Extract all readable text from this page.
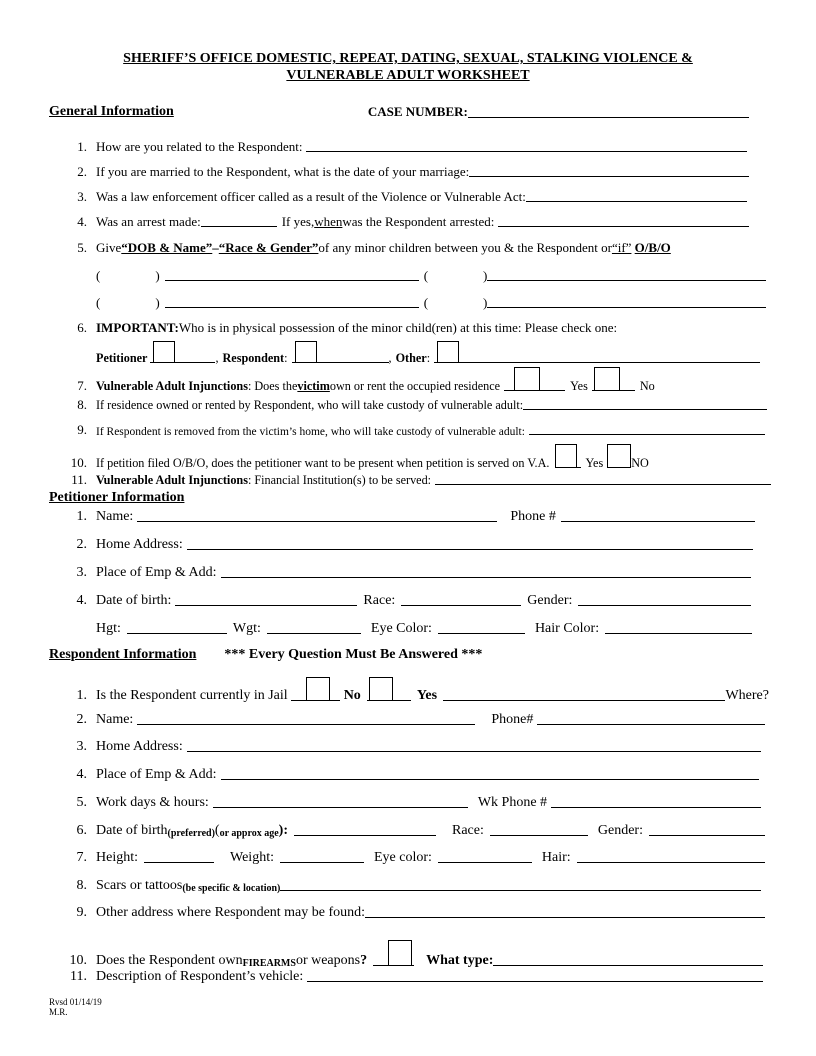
SHERIFF’S OFFICE DOMESTIC, REPEAT, DATING, SEXUAL, STALKING VIOLENCE &
VULNERABLE ADULT WORKSHEET
General Information	CASE NUMBER:
1. How are you related to the Respondent:
2. If you are married to the Respondent, what is the date of your marriage:
3. Was a law enforcement officer called as a result of the Violence or Vulnerable Act:
4. Was an arrest made:	If yes, when was the Respondent arrested:
5. Give “DOB & Name” – “Race & Gender” of any minor children between you & the Respondent or “if”
O/B/O
(	)	(	)
(	)	(	)
6. IMPORTANT: Who is in physical possession of the minor child(ren) at this time: Please check one:
Petitioner	, Respondent :	, Other :
7. Vulnerable Adult Injunctions : Does the victim own or rent the occupied residence	Yes	No
8. If residence owned or rented by Respondent, who will take custody of vulnerable adult:
9. If Respondent is removed from the victim’s home, who will take custody of vulnerable adult:
10. If petition filed O/B/O, does the petitioner want to be present when petition is served on V.A.	Yes NO
11. Vulnerable Adult Injunctions : Financial Institution(s) to be served:
Petitioner Information
1. Name:	Phone #
2. Home Address:
3. Place of Emp & Add:
4. Date of birth:	Race:	Gender:
Hgt:	Wgt:	Eye Color:	Hair Color:
Respondent Information *** Every Question Must Be Answered ***
1. Is the Respondent currently in Jail	No	Yes	Where?
2. Name:	Phone#
3. Home Address:
4. Place of Emp & Add:
5. Work days & hours:	Wk Phone #
6. Date of birth (preferred) ( or approx age ):	Race:	Gender:
7. Height:	Weight:	Eye color:	Hair:
8. Scars or tattoos (be specific & location)
9. Other address where Respondent may be found:
10. Does the Respondent own FIREARMS or weapons ?	What type:
11. Description of Respondent’s vehicle:
Rvsd 01/14/19
M.R.
